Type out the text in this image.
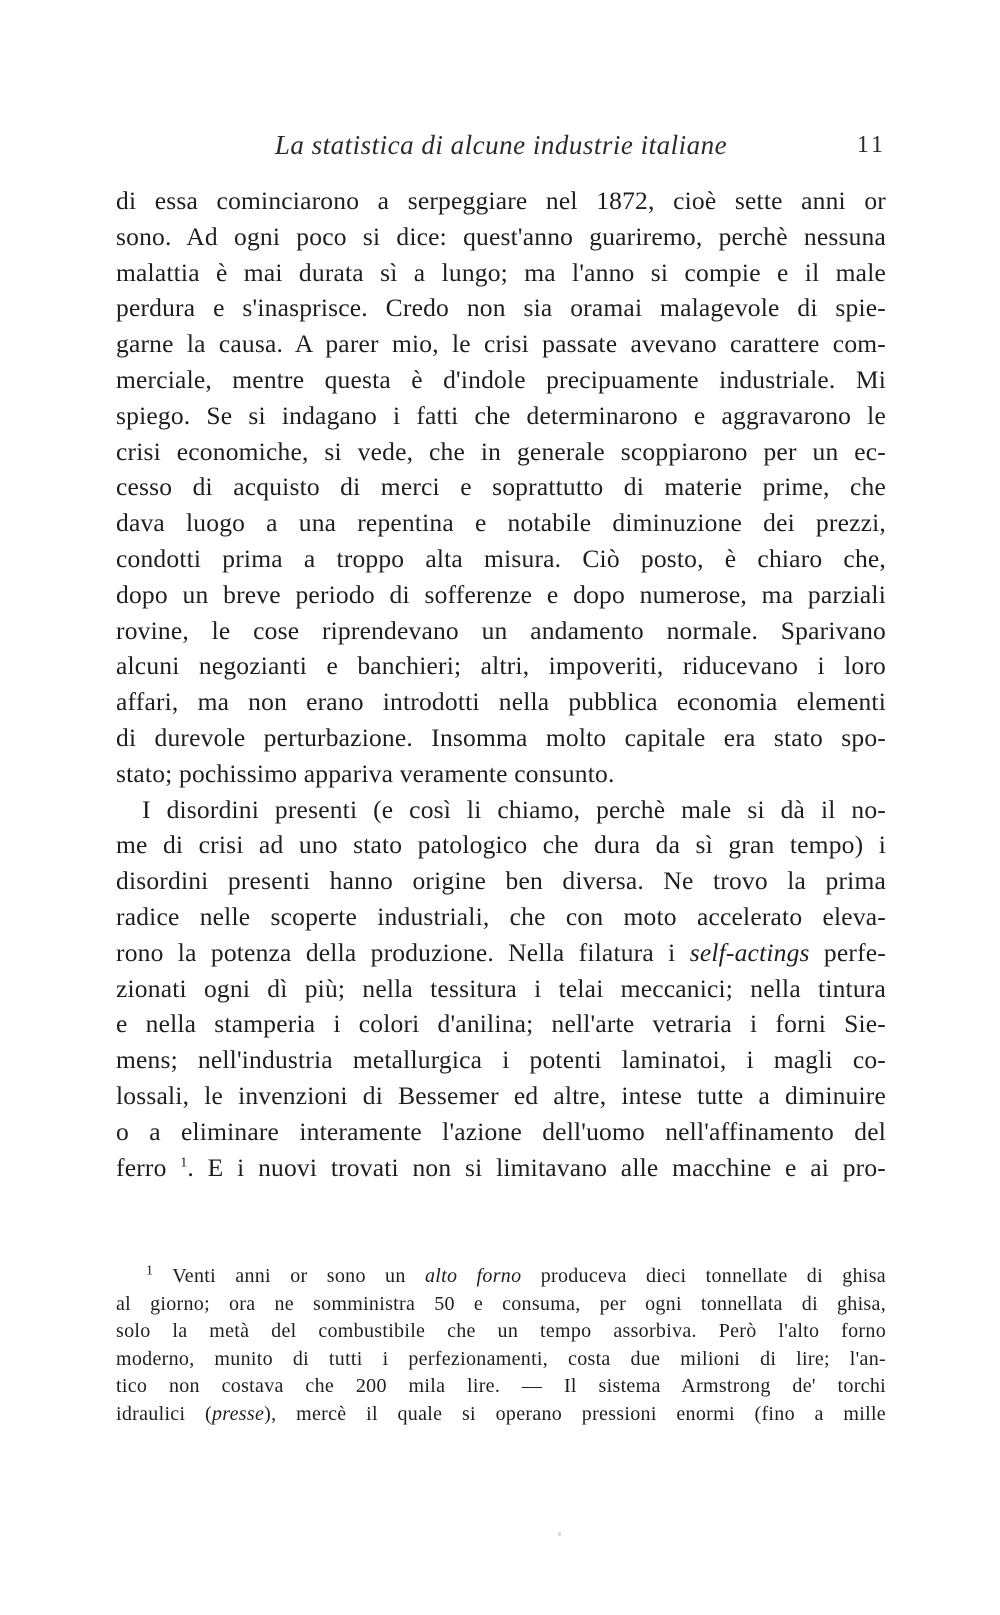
La statistica di alcune industrie italiane	11
di essa cominciarono a serpeggiare nel 1872, cioè sette anni or
sono. Ad ogni poco si dice: quest'anno guariremo, perchè nessuna
malattia è mai durata sì a lungo; ma l'anno si compie e il male
perdura e s'inasprisce. Credo non sia oramai malagevole di spie-
garne la causa. A parer mio, le crisi passate avevano carattere com-
merciale, mentre questa è d'indole precipuamente industriale. Mi
spiego. Se si indagano i fatti che determinarono e aggravarono le
crisi economiche, si vede, che in generale scoppiarono per un ec-
cesso di acquisto di merci e soprattutto di materie prime, che
dava luogo a una repentina e notabile diminuzione dei prezzi,
condotti prima a troppo alta misura. Ciò posto, è chiaro che,
dopo un breve periodo di sofferenze e dopo numerose, ma parziali
rovine, le cose riprendevano un andamento normale. Sparivano
alcuni negozianti e banchieri; altri, impoveriti, riducevano i loro
affari, ma non erano introdotti nella pubblica economia elementi
di durevole perturbazione. Insomma molto capitale era stato spo-
stato; pochissimo appariva veramente consunto.
I disordini presenti (e così li chiamo, perchè male si dà il no-
me di crisi ad uno stato patologico che dura da sì gran tempo) i
disordini presenti hanno origine ben diversa. Ne trovo la prima
radice nelle scoperte industriali, che con moto accelerato eleva-
rono la potenza della produzione. Nella filatura i self-actings perfe-
zionati ogni dì più; nella tessitura i telai meccanici; nella tintura
e nella stamperia i colori d'anilina; nell'arte vetraria i forni Sie-
mens; nell'industria metallurgica i potenti laminatoi, i magli co-
lossali, le invenzioni di Bessemer ed altre, intese tutte a diminuire
o a eliminare interamente l'azione dell'uomo nell'affinamento del
ferro $^1$. E i nuovi trovati non si limitavano alle macchine e ai pro-
$^1$ Venti anni or sono un alto forno produceva dieci tonnellate di ghisa
al giorno; ora ne somministra 50 e consuma, per ogni tonnellata di ghisa,
solo la metà del combustibile che un tempo assorbiva. Però l'alto forno
moderno, munito di tutti i perfezionamenti, costa due milioni di lire; l'an-
tico non costava che 200 mila lire. — Il sistema Armstrong de' torchi
idraulici (presse), mercè il quale si operano pressioni enormi (fino a mille
